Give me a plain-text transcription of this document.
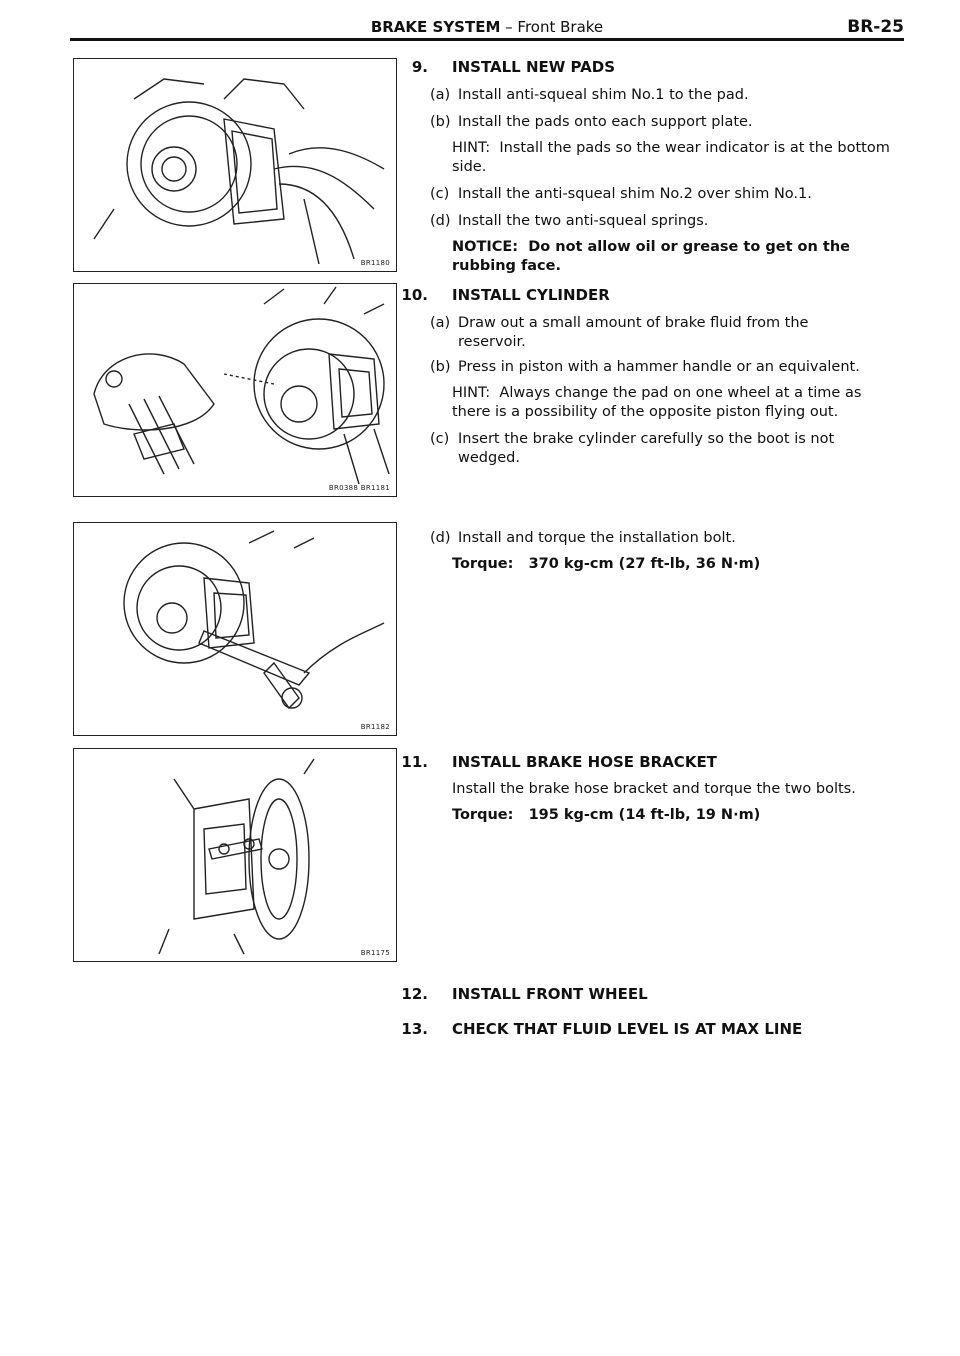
BRAKE SYSTEM – Front Brake	BR-25
BR1180
BR0388 BR1181
BR1182
BR1175
9. INSTALL NEW PADS
(a) Install anti-squeal shim No.1 to the pad.
(b) Install the pads onto each support plate.
HINT: Install the pads so the wear indicator is at the bottom side.
(c) Install the anti-squeal shim No.2 over shim No.1.
(d) Install the two anti-squeal springs.
NOTICE: Do not allow oil or grease to get on the rubbing face.
10. INSTALL CYLINDER
(a) Draw out a small amount of brake fluid from the
reservoir.
(b) Press in piston with a hammer handle or an equivalent.
HINT: Always change the pad on one wheel at a time as there is a possibility of the opposite piston flying out.
(c) Insert the brake cylinder carefully so the boot is not
wedged.
(d) Install and torque the installation bolt.
Torque: 370 kg-cm (27 ft-lb, 36 N·m)
11. INSTALL BRAKE HOSE BRACKET
Install the brake hose bracket and torque the two bolts.
Torque: 195 kg-cm (14 ft-lb, 19 N·m)
12. INSTALL FRONT WHEEL
13. CHECK THAT FLUID LEVEL IS AT MAX LINE
